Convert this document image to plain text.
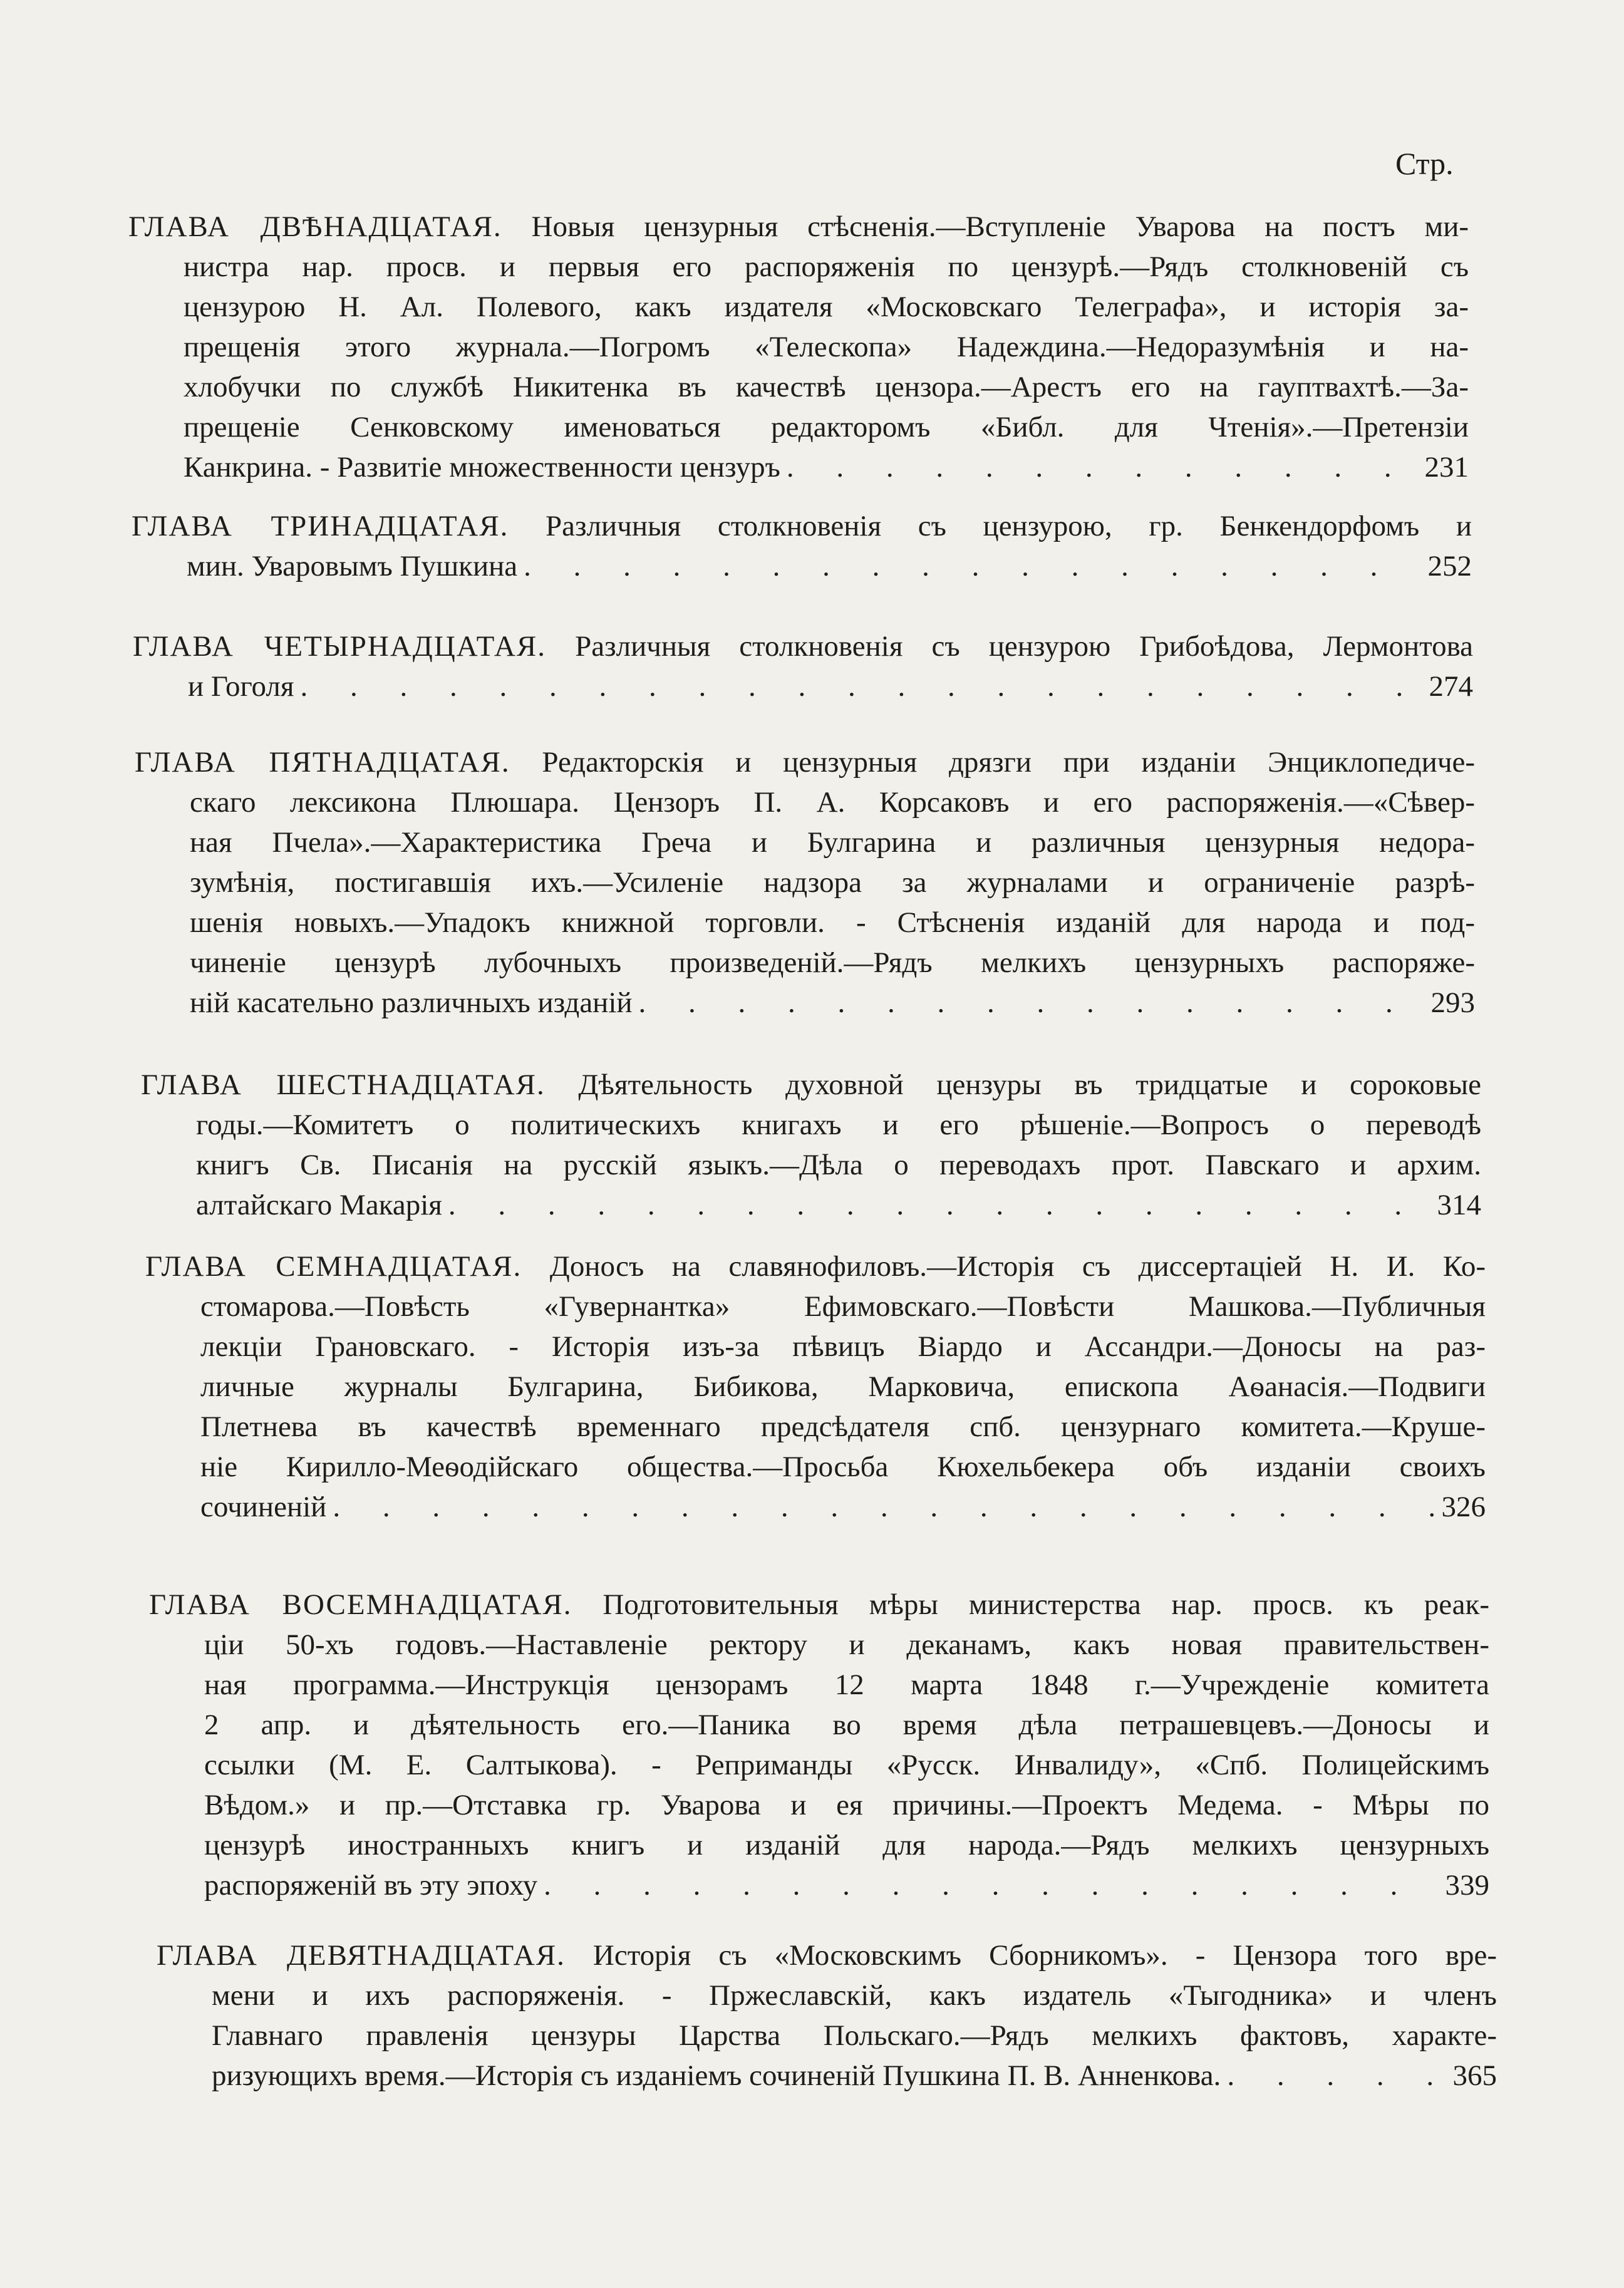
Стр.
ГЛАВА ДВѢНАДЦАТАЯ. Новыя цензурныя стѣсненія.—Вступленіе Уварова на постъ ми-
нистра нар. просв. и первыя его распоряженія по цензурѣ.—Рядъ столкновеній съ
цензурою Н. Ал. Полевого, какъ издателя «Московскаго Телеграфа», и исторія за-
прещенія этого журнала.—Погромъ «Телескопа» Надеждина.—Недоразумѣнія и на-
хлобучки по службѣ Никитенка въ качествѣ цензора.—Арестъ его на гауптвахтѣ.—За-
прещеніе Сенковскому именоваться редакторомъ «Библ. для Чтенія».—Претензіи
Канкрина. - Развитіе множественности цензуръ . . .	231
ГЛАВА ТРИНАДЦАТАЯ. Различныя столкновенія съ цензурою, гр. Бенкендорфомъ и
мин. Уваровымъ Пушкина . . .	252
ГЛАВА ЧЕТЫРНАДЦАТАЯ. Различныя столкновенія съ цензурою Грибоѣдова, Лермонтова
и Гоголя . . .	274
ГЛАВА ПЯТНАДЦАТАЯ. Редакторскія и цензурныя дрязги при изданіи Энциклопедиче-
скаго лексикона Плюшара. Цензоръ П. А. Корсаковъ и его распоряженія.—«Сѣвер-
ная Пчела».—Характеристика Греча и Булгарина и различныя цензурныя недора-
зумѣнія, постигавшія ихъ.—Усиленіе надзора за журналами и ограниченіе разрѣ-
шенія новыхъ.—Упадокъ книжной торговли. - Стѣсненія изданій для народа и под-
чиненіе цензурѣ лубочныхъ произведеній.—Рядъ мелкихъ цензурныхъ распоряже-
ній касательно различныхъ изданій . . .	293
ГЛАВА ШЕСТНАДЦАТАЯ. Дѣятельность духовной цензуры въ тридцатые и сороковые
годы.—Комитетъ о политическихъ книгахъ и его рѣшеніе.—Вопросъ о переводѣ
книгъ Св. Писанія на русскій языкъ.—Дѣла о переводахъ прот. Павскаго и архим.
алтайскаго Макарія . . .	314
ГЛАВА СЕМНАДЦАТАЯ. Доносъ на славянофиловъ.—Исторія съ диссертаціей Н. И. Ко-
стомарова.—Повѣсть «Гувернантка» Ефимовскаго.—Повѣсти Машкова.—Публичныя
лекціи Грановскаго. - Исторія изъ-за пѣвицъ Віардо и Ассандри.—Доносы на раз-
личные журналы Булгарина, Бибикова, Марковича, епископа Аѳанасія.—Подвиги
Плетнева въ качествѣ временнаго предсѣдателя спб. цензурнаго комитета.—Круше-
ніе Кирилло-Меѳодійскаго общества.—Просьба Кюхельбекера объ изданіи своихъ
сочиненій . . .	326
ГЛАВА ВОСЕМНАДЦАТАЯ. Подготовительныя мѣры министерства нар. просв. къ реак-
ціи 50-хъ годовъ.—Наставленіе ректору и деканамъ, какъ новая правительствен-
ная программа.—Инструкція цензорамъ 12 марта 1848 г.—Учрежденіе комитета
2 апр. и дѣятельность его.—Паника во время дѣла петрашевцевъ.—Доносы и
ссылки (М. Е. Салтыкова). - Реприманды «Русск. Инвалиду», «Спб. Полицейскимъ
Вѣдом.» и пр.—Отставка гр. Уварова и ея причины.—Проектъ Медема. - Мѣры по
цензурѣ иностранныхъ книгъ и изданій для народа.—Рядъ мелкихъ цензурныхъ
распоряженій въ эту эпоху . . .	339
ГЛАВА ДЕВЯТНАДЦАТАЯ. Исторія съ «Московскимъ Сборникомъ». - Цензора того вре-
мени и ихъ распоряженія. - Пржеславскій, какъ издатель «Тыгодника» и членъ
Главнаго правленія цензуры Царства Польскаго.—Рядъ мелкихъ фактовъ, характе-
ризующихъ время.—Исторія съ изданіемъ сочиненій Пушкина П. В. Анненкова. . . .	365
